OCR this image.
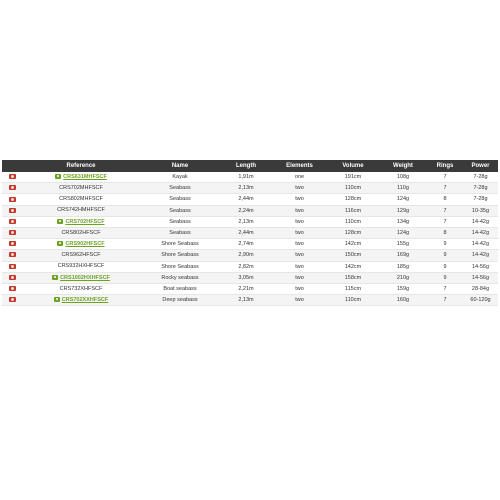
	Reference	Name	Length	Elements	Volume	Weight	Rings	Power
	CRS631MHFSCF	Kayak	1,91m	one	191cm	108g	7	7-28g
	CRS702MHFSCF	Seabass	2,13m	two	110cm	110g	7	7-28g
	CRS802MHFSCF	Seabass	2,44m	two	128cm	124g	8	7-28g
	CRS742HMHFSCF	Seabass	2,24m	two	116cm	129g	7	10-35g
	CRS702HFSCF	Seabass	2,13m	two	110cm	134g	7	14-42g
	CRS802HFSCF	Seabass	2,44m	two	128cm	124g	8	14-42g
	CRS902HFSCF	Shore Seabass	2,74m	two	142cm	155g	9	14-42g
	CRS962HFSCF	Shore Seabass	2,90m	two	150cm	169g	9	14-42g
	CRS932HXHFSCF	Shore Seabass	2,82m	two	142cm	185g	9	14-56g
	CRS1002HXHFSCF	Rocky seabass	3,05m	two	158cm	210g	9	14-56g
	CRS732XHFSCF	Boat seabass	2,21m	two	115cm	159g	7	28-84g
	CRS702XXHFSCF	Deep seabass	2,13m	two	110cm	160g	7	60-120g
